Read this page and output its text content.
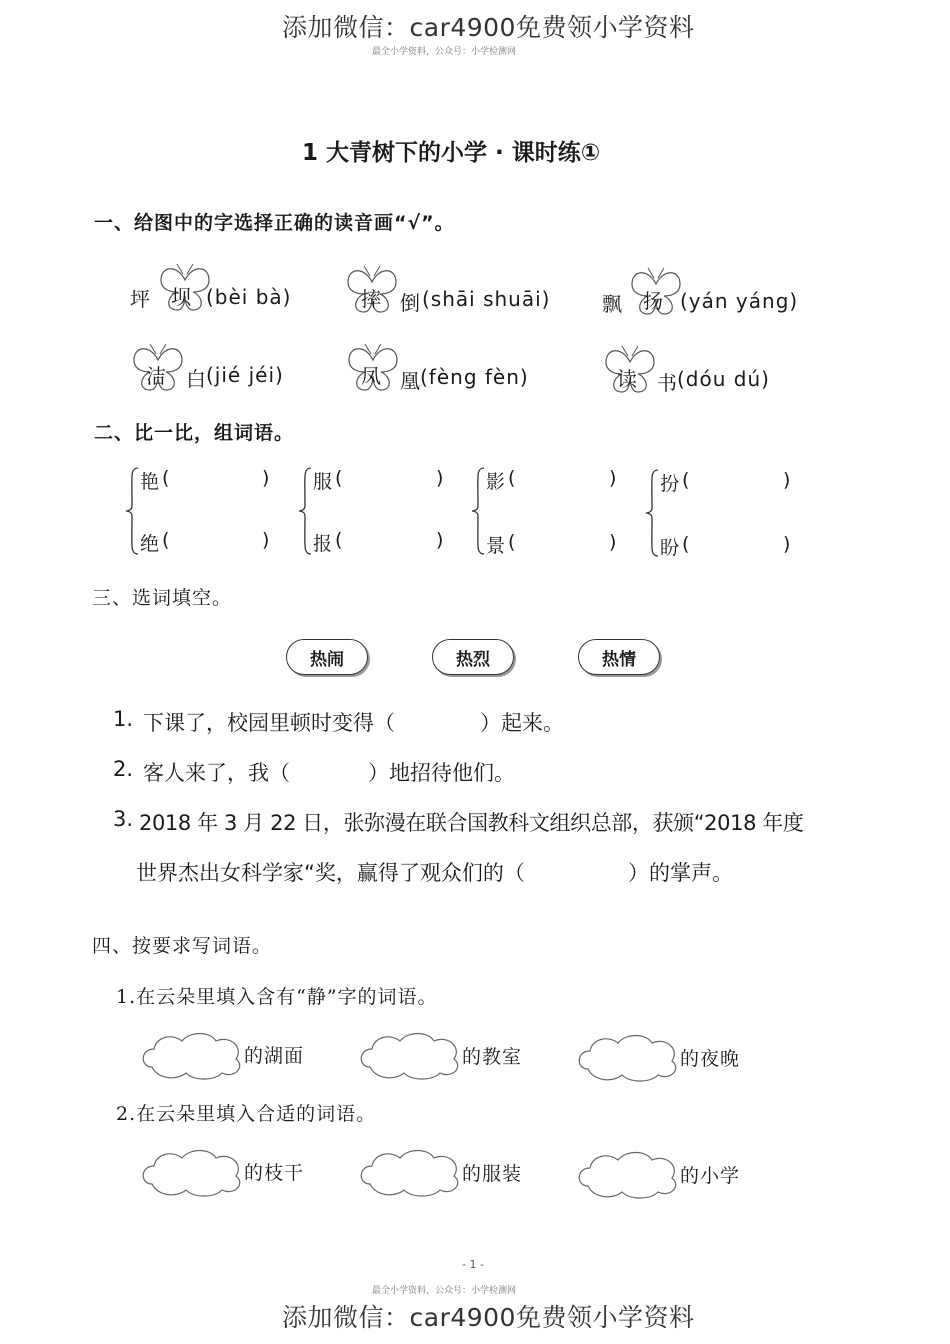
添加微信：car4900免费领小学资料
最全小学资料，公众号：小学检测网
1 大青树下的小学 · 课时练①
一、给图中的字选择正确的读音画“√”。
坪 坝 (bèi bà)	摔 倒 (shāi shuāi)	飘 扬 (yán yáng)
洁 白 (jié jéi)	凤 凰 (fèng fèn)	读 书 (dóu dú)
二、比一比，组词语。
艳 (	)
绝 (	)
服 (	)
报 (	)
影 (	)
景 (	)
扮 (	)
盼 (	)
三、选词填空。
热闹	热烈	热情
1. 下课了，校园里顿时变得（	）起来。
2. 客人来了，我（	）地招待他们。
3. 2018 年 3 月 22 日，张弥漫在联合国教科文组织总部，获颁“2018 年度
世界杰出女科学家“奖，赢得了观众们的（	）的掌声。
四、按要求写词语。
1.在云朵里填入含有“静”字的词语。
的湖面	的教室	的夜晚
2.在云朵里填入合适的词语。
的枝干	的服装	的小学
- 1 -
最全小学资料，公众号：小学检测网
添加微信：car4900免费领小学资料
